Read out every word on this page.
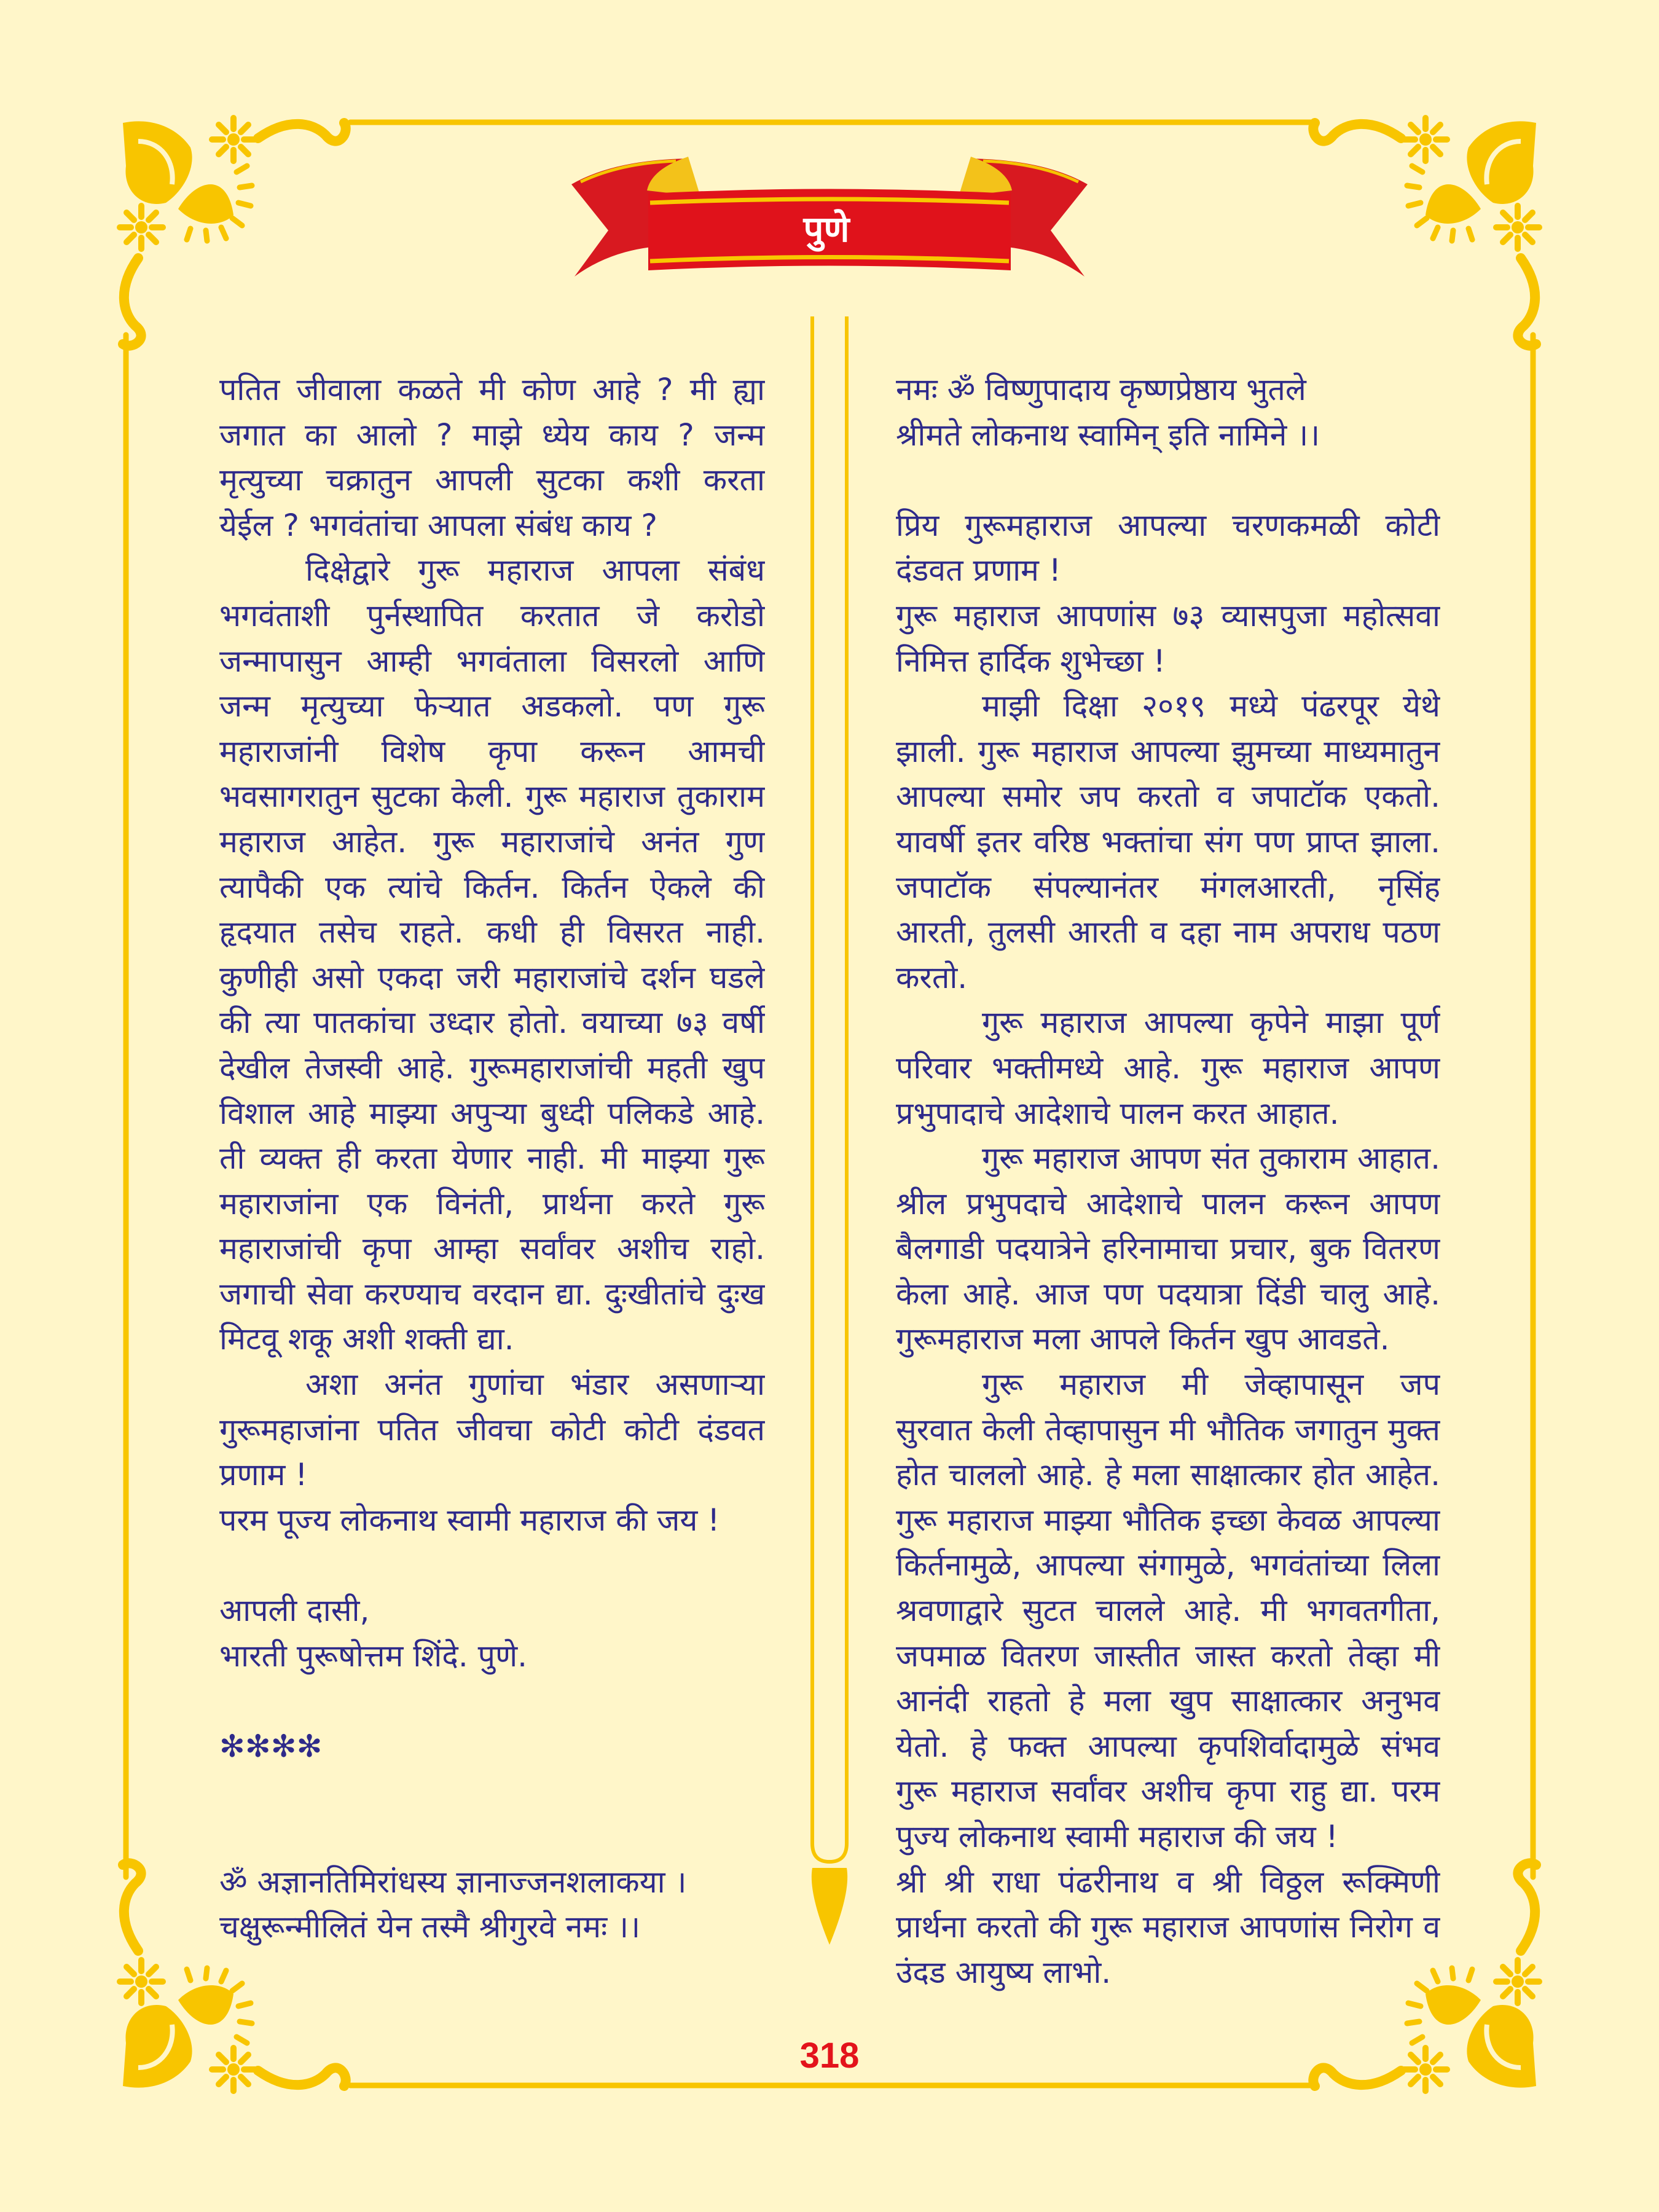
पुणे
पतित जीवाला कळते मी कोण आहे ? मी ह्या
जगात का आलो ? माझे ध्येय काय ? जन्म
मृत्युच्या चक्रातुन आपली सुटका कशी करता
येईल ? भगवंतांचा आपला संबंध काय ?
दिक्षेद्वारे गुरू महाराज आपला संबंध
भगवंताशी पुर्नस्थापित करतात जे करोडो
जन्मापासुन आम्ही भगवंताला विसरलो आणि
जन्म मृत्युच्या फेऱ्यात अडकलो. पण गुरू
महाराजांनी विशेष कृपा करून आमची
भवसागरातुन सुटका केली. गुरू महाराज तुकाराम
महाराज आहेत. गुरू महाराजांचे अनंत गुण
त्यापैकी एक त्यांचे किर्तन. किर्तन ऐकले की
हृदयात तसेच राहते. कधी ही विसरत नाही.
कुणीही असो एकदा जरी महाराजांचे दर्शन घडले
की त्या पातकांचा उध्दार होतो. वयाच्या ७३ वर्षी
देखील तेजस्वी आहे. गुरूमहाराजांची महती खुप
विशाल आहे माझ्या अपुऱ्या बुध्दी पलिकडे आहे.
ती व्यक्त ही करता येणार नाही. मी माझ्या गुरू
महाराजांना एक विनंती, प्रार्थना करते गुरू
महाराजांची कृपा आम्हा सर्वांवर अशीच राहो.
जगाची सेवा करण्याच वरदान द्या. दुःखीतांचे दुःख
मिटवू शकू अशी शक्ती द्या.
अशा अनंत गुणांचा भंडार असणाऱ्या
गुरूमहाजांना पतित जीवचा कोटी कोटी दंडवत
प्रणाम !
परम पूज्य लोकनाथ स्वामी महाराज की जय !
आपली दासी,
भारती पुरूषोत्तम शिंदे. पुणे.
✻✻✻✻
ॐ अज्ञानतिमिरांधस्य ज्ञानाज्जनशलाकया ।
चक्षुरून्मीलितं येन तस्मै श्रीगुरवे नमः ।।
नमः ॐ विष्णुपादाय कृष्णप्रेष्ठाय भुतले
श्रीमते लोकनाथ स्वामिन् इति नामिने ।।
प्रिय गुरूमहाराज आपल्या चरणकमळी कोटी
दंडवत प्रणाम !
गुरू महाराज आपणांस ७३ व्यासपुजा महोत्सवा
निमित्त हार्दिक शुभेच्छा !
माझी दिक्षा २०१९ मध्ये पंढरपूर येथे
झाली. गुरू महाराज आपल्या झुमच्या माध्यमातुन
आपल्या समोर जप करतो व जपाटॉक एकतो.
यावर्षी इतर वरिष्ठ भक्तांचा संग पण प्राप्त झाला.
जपाटॉक संपल्यानंतर मंगलआरती, नृसिंह
आरती, तुलसी आरती व दहा नाम अपराध पठण
करतो.
गुरू महाराज आपल्या कृपेने माझा पूर्ण
परिवार भक्तीमध्ये आहे. गुरू महाराज आपण
प्रभुपादाचे आदेशाचे पालन करत आहात.
गुरू महाराज आपण संत तुकाराम आहात.
श्रील प्रभुपदाचे आदेशाचे पालन करून आपण
बैलगाडी पदयात्रेने हरिनामाचा प्रचार, बुक वितरण
केला आहे. आज पण पदयात्रा दिंडी चालु आहे.
गुरूमहाराज मला आपले किर्तन खुप आवडते.
गुरू महाराज मी जेव्हापासून जप
सुरवात केली तेव्हापासुन मी भौतिक जगातुन मुक्त
होत चाललो आहे. हे मला साक्षात्कार होत आहेत.
गुरू महाराज माझ्या भौतिक इच्छा केवळ आपल्या
किर्तनामुळे, आपल्या संगामुळे, भगवंतांच्या लिला
श्रवणाद्वारे सुटत चालले आहे. मी भगवतगीता,
जपमाळ वितरण जास्तीत जास्त करतो तेव्हा मी
आनंदी राहतो हे मला खुप साक्षात्कार अनुभव
येतो. हे फक्त आपल्या कृपशिर्वादामुळे संभव
गुरू महाराज सर्वांवर अशीच कृपा राहु द्या. परम
पुज्य लोकनाथ स्वामी महाराज की जय !
श्री श्री राधा पंढरीनाथ व श्री विठ्ठल रूक्मिणी
प्रार्थना करतो की गुरू महाराज आपणांस निरोग व
उंदड आयुष्य लाभो.
318
